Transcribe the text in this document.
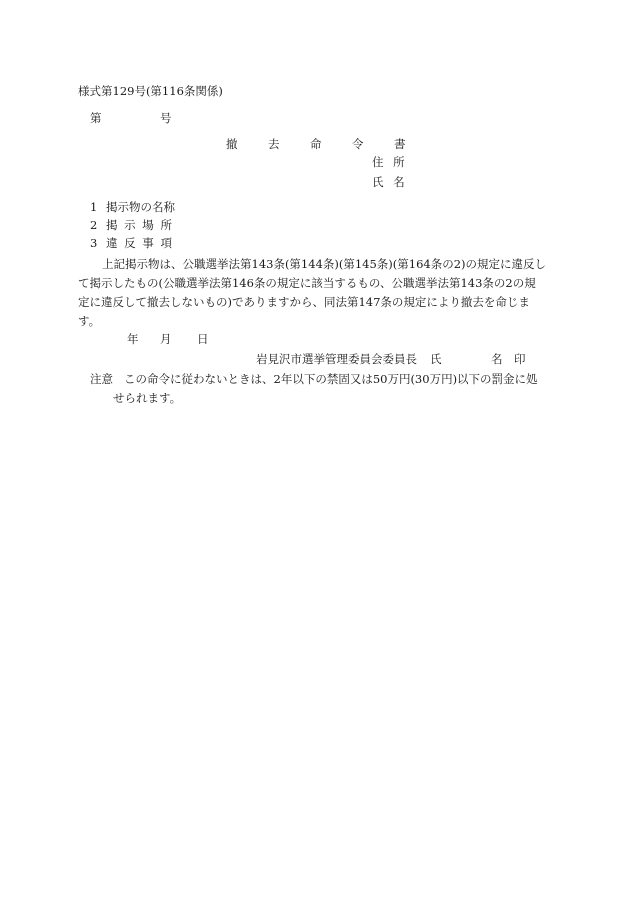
様式第129号(第116条関係)
第	号
撤	去	命	令	書
住 所
氏 名
1 掲示物の名称
2 掲 示 場 所
3 違 反 事 項
上記掲示物は、公職選挙法第143条(第144条)(第145条)(第164条の2)の規定に違反し
て掲示したもの(公職選挙法第146条の規定に該当するもの、公職選挙法第143条の2の規
定に違反して撤去しないもの)でありますから、同法第147条の規定により撤去を命じま
す。
年 月 日
岩見沢市選挙管理委員会委員長 氏	名 印
注意 この命令に従わないときは、2年以下の禁固又は50万円(30万円)以下の罰金に処
せられます。
